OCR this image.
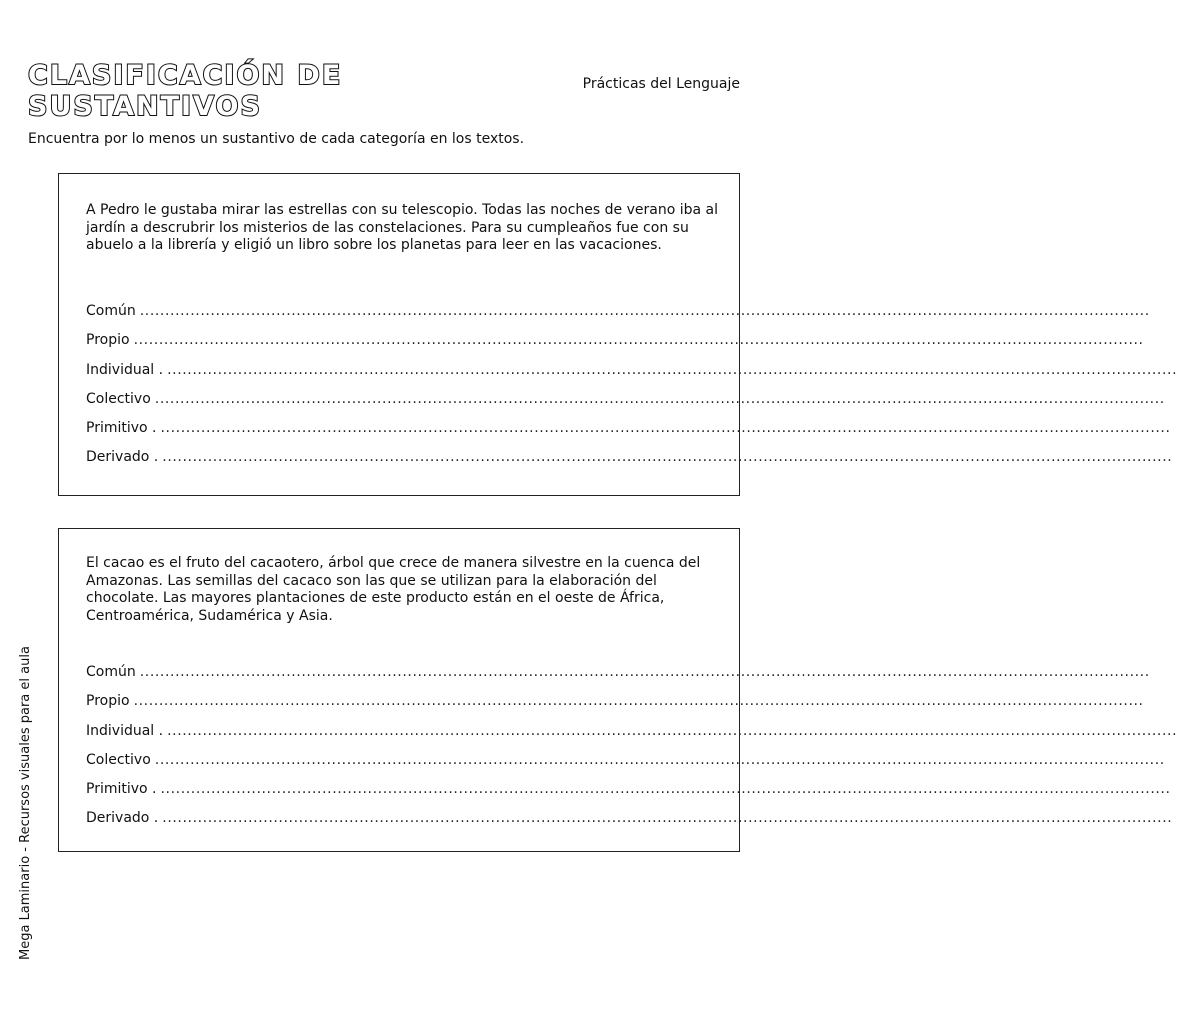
CLASIFICACIÓN DE SUSTANTIVOS
Prácticas del Lenguaje
Encuentra por lo menos un sustantivo de cada categoría en los textos.
A Pedro le gustaba mirar las estrellas con su telescopio. Todas las noches de verano iba al jardín a descrubrir los misterios de las constelaciones. Para su cumpleaños fue con su abuelo a la librería y eligió un libro sobre los planetas para leer en las vacaciones.
Común ........................................................................................................................................................................................................
Propio ........................................................................................................................................................................................................
Individual . ........................................................................................................................................................................................................
Colectivo ........................................................................................................................................................................................................
Primitivo . ........................................................................................................................................................................................................
Derivado . ........................................................................................................................................................................................................
El cacao es el fruto del cacaotero, árbol que crece de manera silvestre en la cuenca del Amazonas. Las semillas del cacaco son las que se utilizan para la elaboración del chocolate. Las mayores plantaciones de este producto están en el oeste de África, Centroamérica, Sudamérica y Asia.
Común ........................................................................................................................................................................................................
Propio ........................................................................................................................................................................................................
Individual . ........................................................................................................................................................................................................
Colectivo ........................................................................................................................................................................................................
Primitivo . ........................................................................................................................................................................................................
Derivado . ........................................................................................................................................................................................................
Mega Laminario - Recursos visuales para el aula
